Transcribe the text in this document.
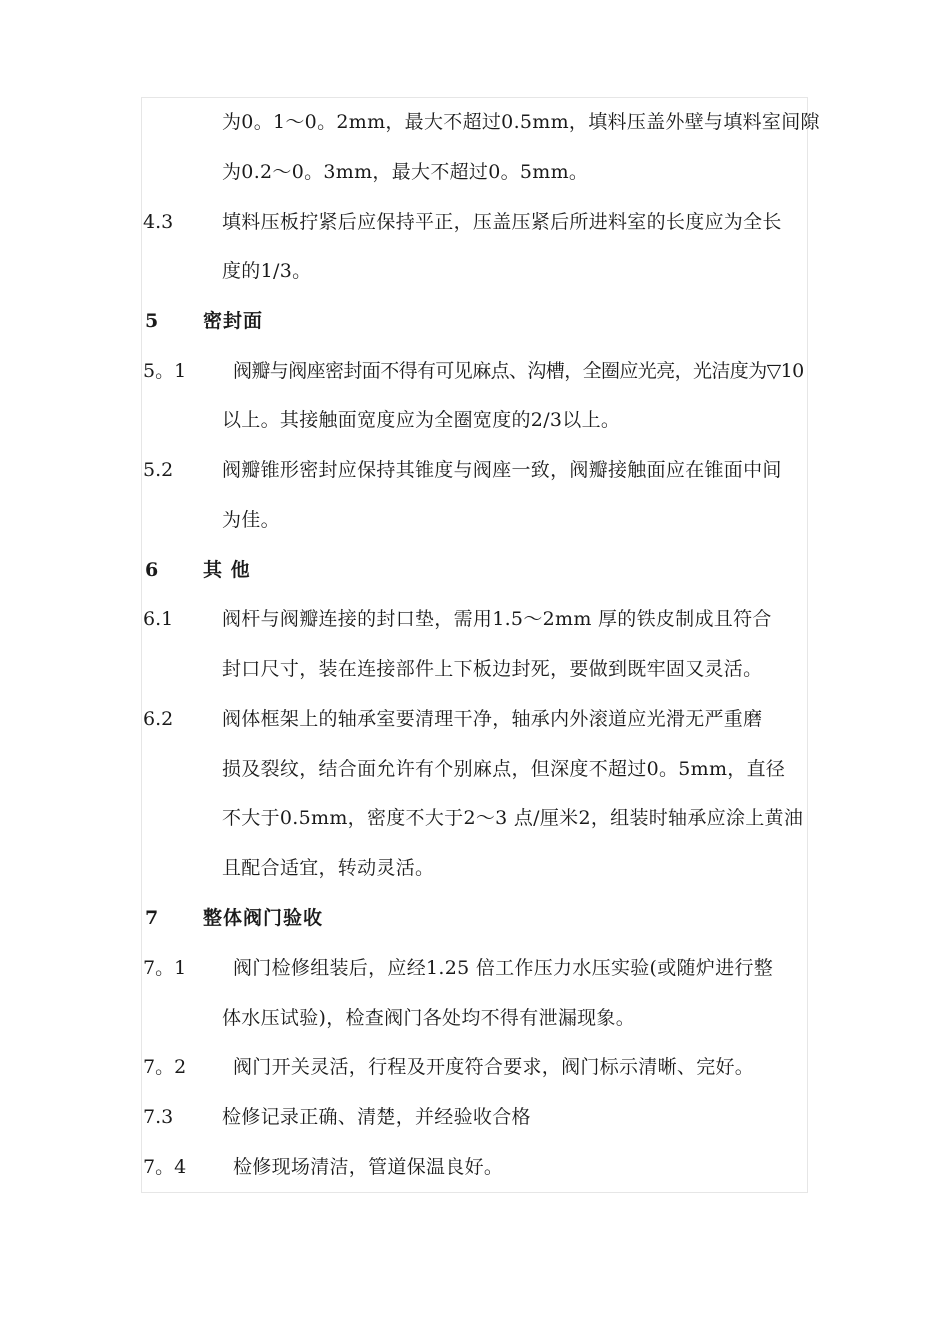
为0。1～0。2mm，最大不超过0.5mm，填料压盖外壁与填料室间隙
为0.2～0。3mm，最大不超过0。5mm。
4.3	填料压板拧紧后应保持平正，压盖压紧后所进料室的长度应为全长
度的1/3。
5 密封面
5。1 阀瓣与阀座密封面不得有可见麻点、沟槽，全圈应光亮，光洁度为▽10
以上。其接触面宽度应为全圈宽度的2/3以上。
5.2	阀瓣锥形密封应保持其锥度与阀座一致，阀瓣接触面应在锥面中间
为佳。
6 其 他
6.1	阀杆与阀瓣连接的封口垫，需用1.5～2mm 厚的铁皮制成且符合
封口尺寸，装在连接部件上下板边封死，要做到既牢固又灵活。
6.2	阀体框架上的轴承室要清理干净，轴承内外滚道应光滑无严重磨
损及裂纹，结合面允许有个别麻点，但深度不超过0。5mm，直径
不大于0.5mm，密度不大于2～3 点/厘米2，组装时轴承应涂上黄油
且配合适宜，转动灵活。
7 整体阀门验收
7。1 阀门检修组装后，应经1.25 倍工作压力水压实验(或随炉进行整
体水压试验)，检查阀门各处均不得有泄漏现象。
7。2 阀门开关灵活，行程及开度符合要求，阀门标示清晰、完好。
7.3	检修记录正确、清楚，并经验收合格
7。4 检修现场清洁，管道保温良好。
